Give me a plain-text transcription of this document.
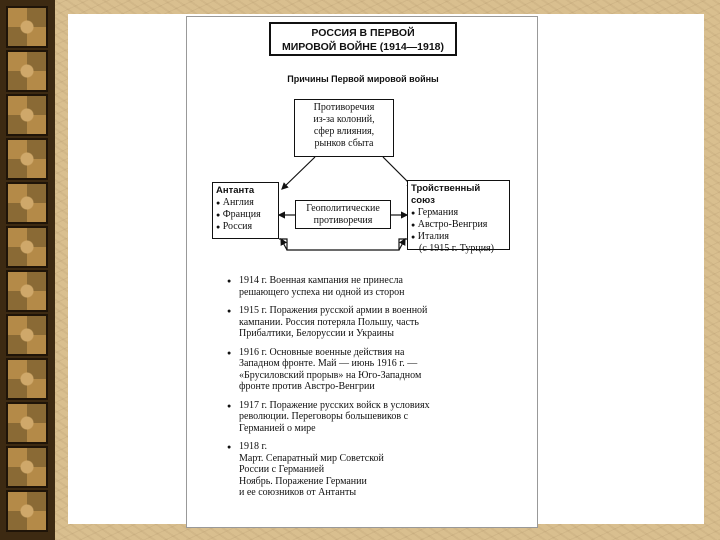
РОССИЯ В ПЕРВОЙ
МИРОВОЙ ВОЙНЕ (1914—1918)
Причины Первой мировой войны
Противоречия
из-за колоний,
сфер влияния,
рынков сбыта
Антанта
● Англия
● Франция
● Россия
Геополитические
противоречия
Тройственный союз
● Германия
● Австро-Венгрия
● Италия
(с 1915 г. Турция)
● 1914 г. Военная кампания не принесла
решающего успеха ни одной из сторон
● 1915 г. Поражения русской армии в военной
кампании. Россия потеряла Польшу, часть
Прибалтики, Белоруссии и Украины
● 1916 г. Основные военные действия на
Западном фронте. Май — июнь 1916 г. —
«Брусиловский прорыв» на Юго-Западном
фронте против Австро-Венгрии
● 1917 г. Поражение русских войск в условиях
революции. Переговоры большевиков с
Германией о мире
● 1918 г.
Март. Сепаратный мир Советской
России с Германией
Ноябрь. Поражение Германии
и ее союзников от Антанты
